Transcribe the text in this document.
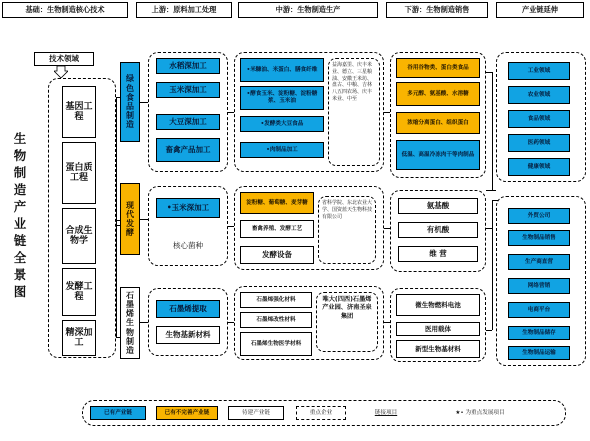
基础：生物制造核心技术	上游：原料加工处理	中游：生物制造生产	下游：生物制造销售	产业链延伸
生物制造产业链全景图
技术领域
基因工程
蛋白质工程
合成生物学
发酵工程
精深加工
绿色食品制造
现代发酵
石墨烯生物制造
水稻深加工
玉米深加工
大豆深加工
畜禽产品加工
•玉米深加工
核心菌种
石墨烯提取
生物基新材料
•米糠油、米蛋白、膳食纤维
•酵食玉米、淀粉糖、淀粉糖浆、玉米油
•发酵类大豆食品
•肉制品加工
益海嘉里、庆丰米业、德立、三星粮油、安徽王米坊、盘古、中粮、吉林八五四农场、庆丰米业、中至
淀粉糖、葡萄糖、麦芽糖
畜禽养殖、发酵工艺
发酵设备
省科学院、东北农业大学、国资蓝天生物科技有限公司
石墨烯强化材料
石墨烯改性材料
石墨烯生物医学材料
唯大(四西)石墨烯产业园、济南圣泉集团
谷用谷物类、蛋白类食品
多元醇、氨基酸、水溶糖
浓缩分离蛋白、组织蛋白
低温、高温冷冻肉干等肉制品
氨基酸
有机酸
维 营
微生物燃料电池
医用载体
新型生物基材料
工业领域
农业领域
食品领域
医药领域
健康领域
外贸公司
生物制品销售
生产商直营
网络营销
电商平台
生物制品储存
生物制品运输
已有产业链	已有不完善产业链	待建产业链	重点企业	链接项目	★• 为重点发展项目
